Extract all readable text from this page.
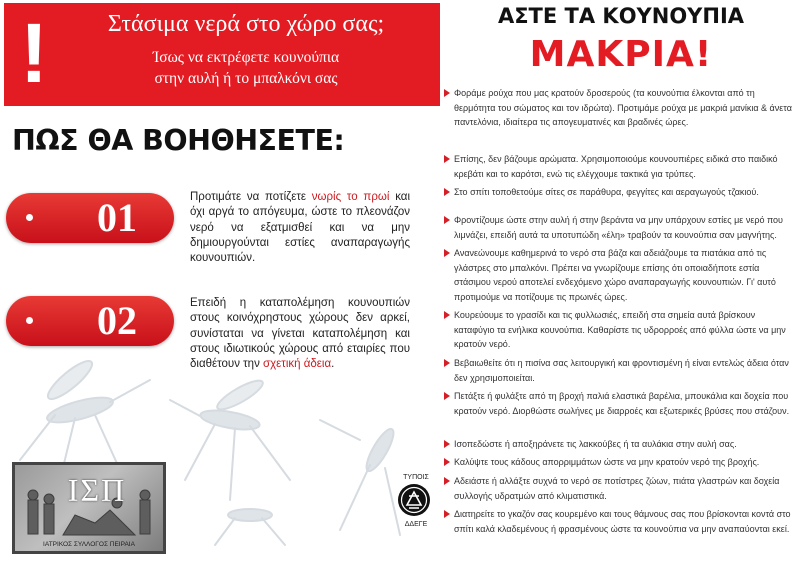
!	Στάσιμα νερά στο χώρο σας;
Ίσως να εκτρέφετε κουνούπια
στην αυλή ή το μπαλκόνι σας
ΠΩΣ ΘΑ ΒΟΗΘΗΣΕΤΕ:
01	Προτιμάτε να ποτίζετε νωρίς το πρωί και όχι αργά το απόγευμα, ώστε το πλεονάζον νερό να εξατμισθεί και να μην δημιουργούνται εστίες αναπαραγωγής κουνουπιών.
02	Επειδή η καταπολέμηση κουνουπιών στους κοινόχρηστους χώρους δεν αρκεί, συνίσταται να γίνεται καταπολέμηση και στους ιδιωτικούς χώρους από εταιρίες που διαθέτουν την σχετική άδεια.
ΙΣΠ
ΙΑΤΡΙΚΟΣ ΣΥΛΛΟΓΟΣ ΠΕΙΡΑΙΑ
ΤΥΠΟΙΣ
ΔΔΕΓΕ
ΑΣΤΕ ΤΑ ΚΟΥΝΟΥΠΙΑ
ΜΑΚΡΙΑ!
Φοράμε ρούχα που μας κρατούν δροσερούς (τα κουνούπια έλκονται από τη θερμότητα του σώματος και τον ιδρώτα). Προτιμάμε ρούχα με μακριά μανίκια & άνετα παντελόνια, ιδιαίτερα τις απογευματινές και βραδινές ώρες.
Επίσης, δεν βάζουμε αρώματα. Χρησιμοποιούμε κουνουπιέρες ειδικά στο παιδικό κρεβάτι και το καρότσι, ενώ τις ελέγχουμε τακτικά για τρύπες.
Στο σπίτι τοποθετούμε σίτες σε παράθυρα, φεγγίτες και αεραγωγούς τζακιού.
Φροντίζουμε ώστε στην αυλή ή στην βεράντα να μην υπάρχουν εστίες με νερό που λιμνάζει, επειδή αυτά τα υποτυπώδη «έλη» τραβούν τα κουνούπια σαν μαγνήτης.
Ανανεώνουμε καθημερινά το νερό στα βάζα και αδειάζουμε τα πιατάκια από τις γλάστρες στο μπαλκόνι. Πρέπει να γνωρίζουμε επίσης ότι οποιαδήποτε εστία στάσιμου νερού αποτελεί ενδεχόμενο χώρο αναπαραγωγής κουνουπιών. Γι' αυτό προτιμούμε να ποτίζουμε τις πρωινές ώρες.
Κουρεύουμε το γρασίδι και τις φυλλωσιές, επειδή στα σημεία αυτά βρίσκουν καταφύγιο τα ενήλικα κουνούπια. Καθαρίστε τις υδρορροές από φύλλα ώστε να μην κρατούν νερό.
Βεβαιωθείτε ότι η πισίνα σας λειτουργική και φροντισμένη ή είναι εντελώς άδεια όταν δεν χρησιμοποιείται.
Πετάξτε ή φυλάξτε από τη βροχή παλιά ελαστικά βαρέλια, μπουκάλια και δοχεία που κρατούν νερό. Διορθώστε σωλήνες με διαρροές και εξωτερικές βρύσες που στάζουν.
Ισοπεδώστε ή αποξηράνετε τις λακκούβες ή τα αυλάκια στην αυλή σας.
Καλύψτε τους κάδους απορριμμάτων ώστε να μην κρατούν νερό της βροχής.
Αδειάστε ή αλλάξτε συχνά το νερό σε ποτίστρες ζώων, πιάτα γλαστρών και δοχεία συλλογής υδρατμών από κλιματιστικά.
Διατηρείτε το γκαζόν σας κουρεμένο και τους θάμνους σας που βρίσκονται κοντά στο σπίτι καλά κλαδεμένους ή φρασμένους ώστε τα κουνούπια να μην αναπαύονται εκεί.
